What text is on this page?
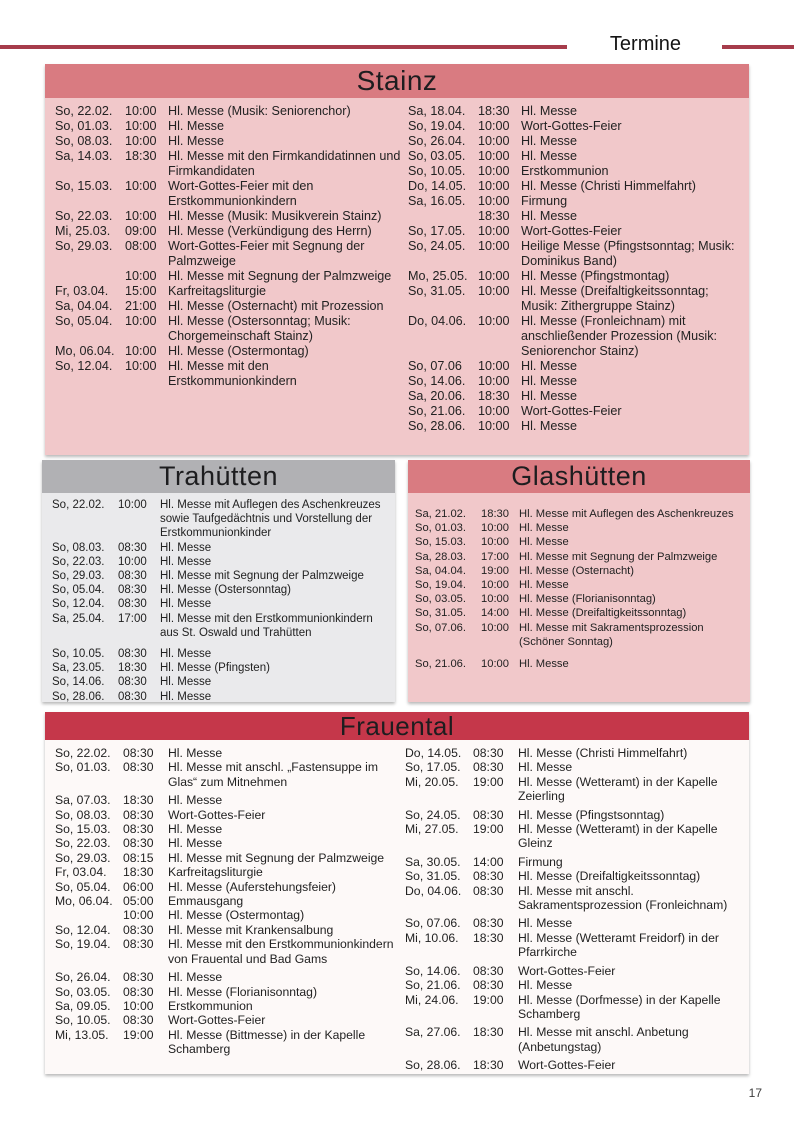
Termine
Stainz
So, 22.02. 10:00 Hl. Messe (Musik: Seniorenchor)
So, 01.03. 10:00 Hl. Messe
So, 08.03. 10:00 Hl. Messe
Sa, 14.03. 18:30 Hl. Messe mit den Firmkandidatinnen und Firmkandidaten
So, 15.03. 10:00 Wort-Gottes-Feier mit den Erstkommunionkindern
So, 22.03. 10:00 Hl. Messe (Musik: Musikverein Stainz)
Mi, 25.03.	09:00 Hl. Messe (Verkündigung des Herrn)
So, 29.03. 08:00 Wort-Gottes-Feier mit Segnung der Palmzweige
10:00 Hl. Messe mit Segnung der Palmzweige
Fr, 03.04.	15:00 Karfreitagsliturgie
Sa, 04.04. 21:00 Hl. Messe (Osternacht) mit Prozession
So, 05.04. 10:00 Hl. Messe (Ostersonntag; Musik: Chorgemeinschaft Stainz)
Mo, 06.04. 10:00 Hl. Messe (Ostermontag)
So, 12.04. 10:00 Hl. Messe mit den Erstkommunionkindern
Sa, 18.04. 18:30 Hl. Messe
So, 19.04. 10:00 Wort-Gottes-Feier
So, 26.04. 10:00 Hl. Messe
So, 03.05. 10:00 Hl. Messe
So, 10.05. 10:00 Erstkommunion
Do, 14.05. 10:00 Hl. Messe (Christi Himmelfahrt)
Sa, 16.05. 10:00 Firmung
18:30 Hl. Messe
So, 17.05. 10:00 Wort-Gottes-Feier
So, 24.05. 10:00 Heilige Messe (Pfingstsonntag; Musik: Dominikus Band)
Mo, 25.05. 10:00 Hl. Messe (Pfingstmontag)
So, 31.05. 10:00 Hl. Messe (Dreifaltigkeitssonntag; Musik: Zithergruppe Stainz)
Do, 04.06. 10:00 Hl. Messe (Fronleichnam) mit anschließender Prozession (Musik: Seniorenchor Stainz)
So, 07.06	10:00 Hl. Messe
So, 14.06. 10:00 Hl. Messe
Sa, 20.06. 18:30 Hl. Messe
So, 21.06. 10:00 Wort-Gottes-Feier
So, 28.06. 10:00 Hl. Messe
Trahütten
So, 22.02.	10:00	Hl. Messe mit Auflegen des Aschenkreuzes sowie Taufgedächtnis und Vorstellung der Erstkommunionkinder
So, 08.03.	08:30	Hl. Messe
So, 22.03.	10:00	Hl. Messe
So, 29.03.	08:30	Hl. Messe mit Segnung der Palmzweige
So, 05.04.	08:30	Hl. Messe (Ostersonntag)
So, 12.04.	08:30	Hl. Messe
Sa, 25.04.	17:00	Hl. Messe mit den Erstkommunionkindern aus St. Oswald und Trahütten
So, 10.05.	08:30	Hl. Messe
Sa, 23.05.	18:30	Hl. Messe (Pfingsten)
So, 14.06.	08:30	Hl. Messe
So, 28.06.	08:30	Hl. Messe
Glashütten
Sa, 21.02.	18:30 Hl. Messe mit Auflegen des Aschenkreuzes
So, 01.03.	10:00 Hl. Messe
So, 15.03.	10:00 Hl. Messe
Sa, 28.03.	17:00 Hl. Messe mit Segnung der Palmzweige
Sa, 04.04.	19:00 Hl. Messe (Osternacht)
So, 19.04.	10:00 Hl. Messe
So, 03.05.	10:00 Hl. Messe (Florianisonntag)
So, 31.05.	14:00 Hl. Messe (Dreifaltigkeitssonntag)
So, 07.06.	10:00 Hl. Messe mit Sakramentsprozession (Schöner Sonntag)
So, 21.06.	10:00 Hl. Messe
Frauental
So, 22.02.	08:30	Hl. Messe
So, 01.03.	08:30	Hl. Messe mit anschl. „Fastensuppe im Glas“ zum Mitnehmen
Sa, 07.03.	18:30	Hl. Messe
So, 08.03.	08:30	Wort-Gottes-Feier
So, 15.03.	08:30	Hl. Messe
So, 22.03.	08:30	Hl. Messe
So, 29.03.	08:15	Hl. Messe mit Segnung der Palmzweige
Fr, 03.04.	18:30	Karfreitagsliturgie
So, 05.04.	06:00	Hl. Messe (Auferstehungsfeier)
Mo, 06.04. 05:00	Emmausgang
10:00	Hl. Messe (Ostermontag)
So, 12.04.	08:30	Hl. Messe mit Krankensalbung
So, 19.04.	08:30	Hl. Messe mit den Erstkommunionkindern von Frauental und Bad Gams
So, 26.04.	08:30	Hl. Messe
So, 03.05.	08:30	Hl. Messe (Florianisonntag)
Sa, 09.05.	10:00	Erstkommunion
So, 10.05.	08:30	Wort-Gottes-Feier
Mi, 13.05.	19:00	Hl. Messe (Bittmesse) in der Kapelle Schamberg
Do, 14.05. 08:30	Hl. Messe (Christi Himmelfahrt)
So, 17.05.	08:30	Hl. Messe
Mi, 20.05.	19:00	Hl. Messe (Wetteramt) in der Kapelle Zeierling
So, 24.05.	08:30	Hl. Messe (Pfingstsonntag)
Mi, 27.05.	19:00	Hl. Messe (Wetteramt) in der Kapelle Gleinz
Sa, 30.05.	14:00	Firmung
So, 31.05.	08:30	Hl. Messe (Dreifaltigkeitssonntag)
Do, 04.06. 08:30	Hl. Messe mit anschl. Sakramentsprozession (Fronleichnam)
So, 07.06.	08:30	Hl. Messe
Mi, 10.06.	18:30	Hl. Messe (Wetteramt Freidorf) in der Pfarrkirche
So, 14.06.	08:30	Wort-Gottes-Feier
So, 21.06.	08:30	Hl. Messe
Mi, 24.06.	19:00	Hl. Messe (Dorfmesse) in der Kapelle Schamberg
Sa, 27.06.	18:30	Hl. Messe mit anschl. Anbetung (Anbetungstag)
So, 28.06.	18:30	Wort-Gottes-Feier
17
